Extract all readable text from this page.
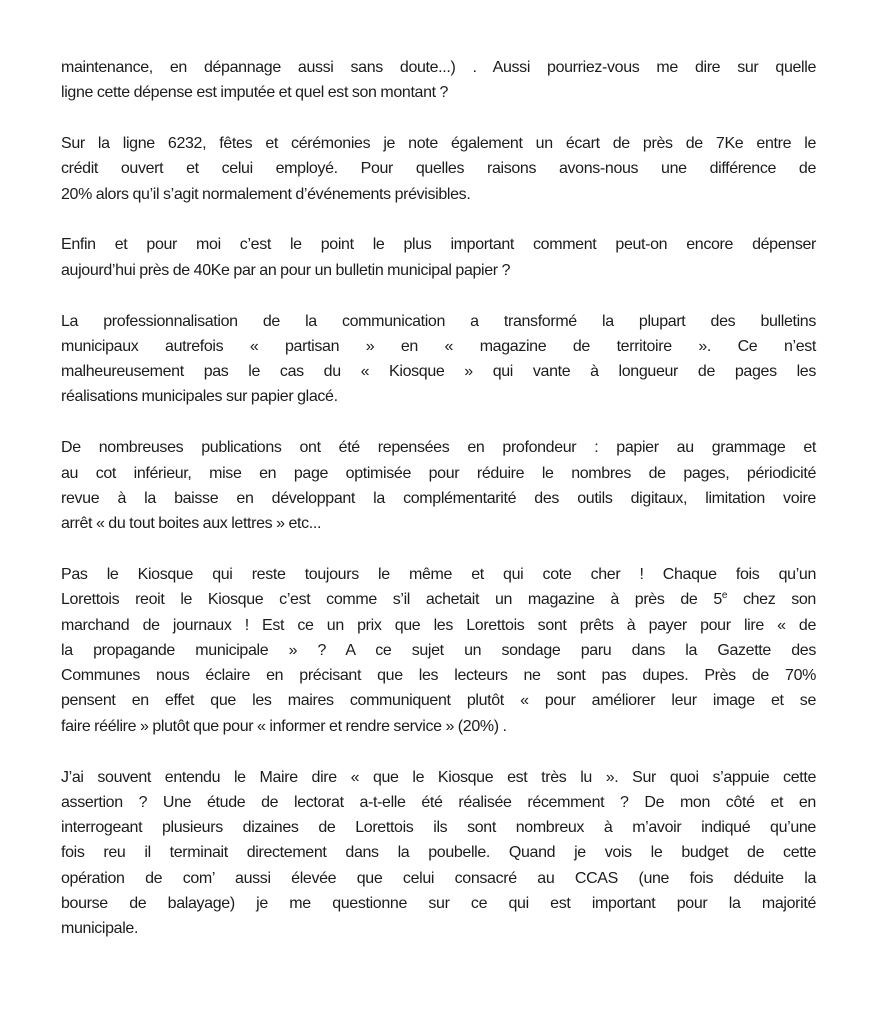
maintenance, en dépannage aussi sans doute...) . Aussi pourriez-vous me dire sur quelle
ligne cette dépense est imputée et quel est son montant ?
Sur la ligne 6232, fêtes et cérémonies je note également un écart de près de 7Ke entre le
crédit ouvert et celui employé. Pour quelles raisons avons-nous une différence de
20% alors qu’il s’agit normalement d’événements prévisibles.
Enfin et pour moi c’est le point le plus important comment peut-on encore dépenser
aujourd’hui près de 40Ke par an pour un bulletin municipal papier ?
La professionnalisation de la communication a transformé la plupart des bulletins
municipaux autrefois « partisan » en « magazine de territoire ». Ce n’est
malheureusement pas le cas du « Kiosque » qui vante à longueur de pages les
réalisations municipales sur papier glacé.
De nombreuses publications ont été repensées en profondeur : papier au grammage et
au cot inférieur, mise en page optimisée pour réduire le nombres de pages, périodicité
revue à la baisse en développant la complémentarité des outils digitaux, limitation voire
arrêt « du tout boites aux lettres » etc...
Pas le Kiosque qui reste toujours le même et qui cote cher ! Chaque fois qu’un
Lorettois reoit le Kiosque c’est comme s’il achetait un magazine à près de 5e chez son
marchand de journaux ! Est ce un prix que les Lorettois sont prêts à payer pour lire « de
la propagande municipale » ? A ce sujet un sondage paru dans la Gazette des
Communes nous éclaire en précisant que les lecteurs ne sont pas dupes. Près de 70%
pensent en effet que les maires communiquent plutôt « pour améliorer leur image et se
faire réélire » plutôt que pour « informer et rendre service » (20%) .
J’ai souvent entendu le Maire dire « que le Kiosque est très lu ». Sur quoi s’appuie cette
assertion ? Une étude de lectorat a-t-elle été réalisée récemment ? De mon côté et en
interrogeant plusieurs dizaines de Lorettois ils sont nombreux à m’avoir indiqué qu’une
fois reu il terminait directement dans la poubelle. Quand je vois le budget de cette
opération de com’ aussi élevée que celui consacré au CCAS (une fois déduite la
bourse de balayage) je me questionne sur ce qui est important pour la majorité
municipale.
